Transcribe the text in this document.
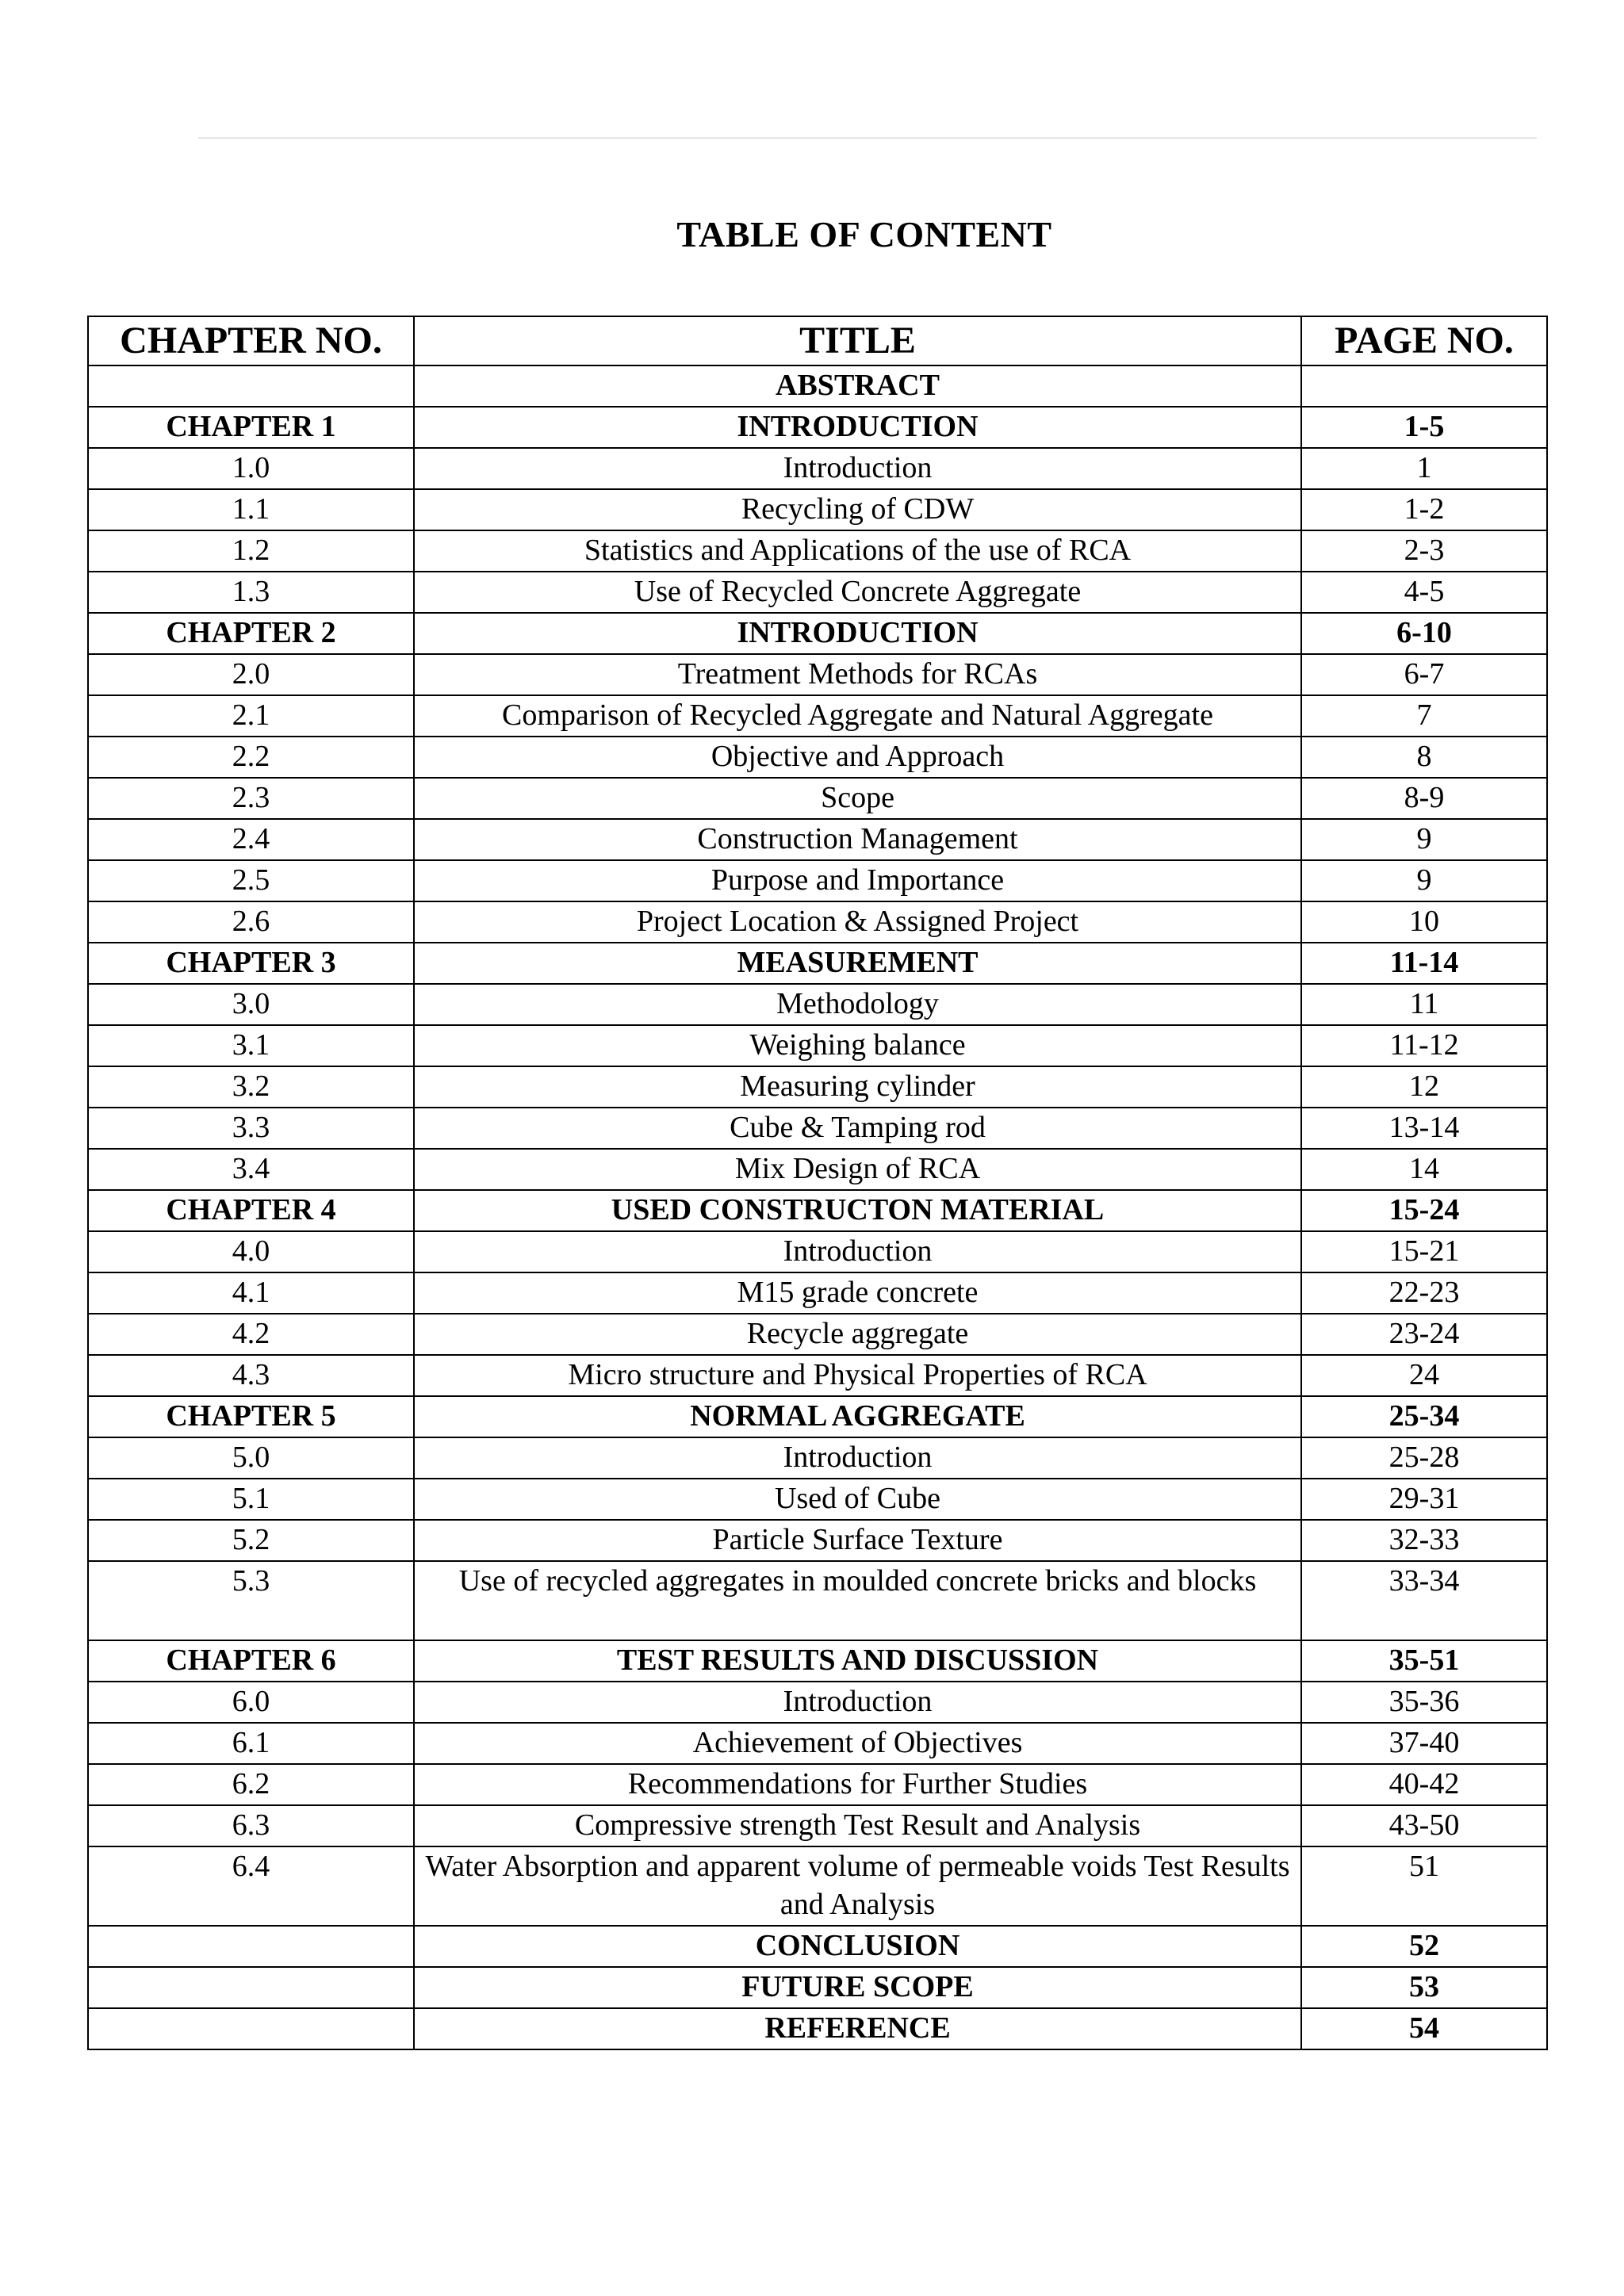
TABLE OF CONTENT
CHAPTER NO.	TITLE	PAGE NO.
	ABSTRACT	
CHAPTER 1	INTRODUCTION	1-5
1.0	Introduction	1
1.1	Recycling of CDW	1-2
1.2	Statistics and Applications of the use of RCA	2-3
1.3	Use of Recycled Concrete Aggregate	4-5
CHAPTER 2	INTRODUCTION	6-10
2.0	Treatment Methods for RCAs	6-7
2.1	Comparison of Recycled Aggregate and Natural Aggregate	7
2.2	Objective and Approach	8
2.3	Scope	8-9
2.4	Construction Management	9
2.5	Purpose and Importance	9
2.6	Project Location & Assigned Project	10
CHAPTER 3	MEASUREMENT	11-14
3.0	Methodology	11
3.1	Weighing balance	11-12
3.2	Measuring cylinder	12
3.3	Cube & Tamping rod	13-14
3.4	Mix Design of RCA	14
CHAPTER 4	USED CONSTRUCTON MATERIAL	15-24
4.0	Introduction	15-21
4.1	M15 grade concrete	22-23
4.2	Recycle aggregate	23-24
4.3	Micro structure and Physical Properties of RCA	24
CHAPTER 5	NORMAL AGGREGATE	25-34
5.0	Introduction	25-28
5.1	Used of Cube	29-31
5.2	Particle Surface Texture	32-33
5.3	Use of recycled aggregates in moulded concrete bricks and blocks	33-34
CHAPTER 6	TEST RESULTS AND DISCUSSION	35-51
6.0	Introduction	35-36
6.1	Achievement of Objectives	37-40
6.2	Recommendations for Further Studies	40-42
6.3	Compressive strength Test Result and Analysis	43-50
6.4	Water Absorption and apparent volume of permeable voids Test Results and Analysis	51
	CONCLUSION	52
	FUTURE SCOPE	53
	REFERENCE	54
